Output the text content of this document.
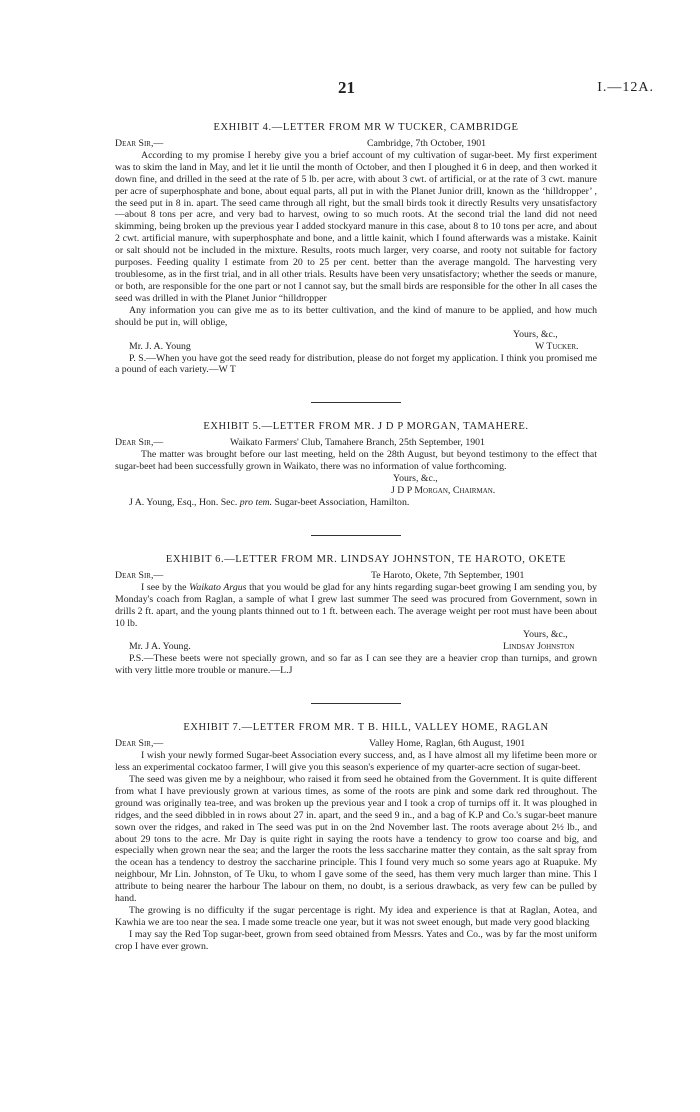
21	I.—12A.
EXHIBIT 4.—LETTER FROM MR W TUCKER, CAMBRIDGE
Dear Sir,—	Cambridge, 7th October, 1901

According to my promise I hereby give you a brief account of my cultivation of sugar-beet. My first experiment was to skim the land in May, and let it lie until the month of October, and then I ploughed it 6 in deep, and then worked it down fine, and drilled in the seed at the rate of 5 lb. per acre, with about 3 cwt. of artificial, or at the rate of 3 cwt. manure per acre of superphosphate and bone, about equal parts, all put in with the Planet Junior drill, known as the ‘hilldropper’ , the seed put in 8 in. apart. The seed came through all right, but the small birds took it directly Results very unsatisfactory—about 8 tons per acre, and very bad to harvest, owing to so much roots. At the second trial the land did not need skimming, being broken up the previous year I added stockyard manure in this case, about 8 to 10 tons per acre, and about 2 cwt. artificial manure, with superphosphate and bone, and a little kainit, which I found afterwards was a mistake. Kainit or salt should not be included in the mixture. Results, roots much larger, very coarse, and rooty not suitable for factory purposes. Feeding quality I estimate from 20 to 25 per cent. better than the average mangold. The harvesting very troublesome, as in the first trial, and in all other trials. Results have been very unsatisfactory; whether the seeds or manure, or both, are responsible for the one part or not I cannot say, but the small birds are responsible for the other In all cases the seed was drilled in with the Planet Junior “hilldropper

Any information you can give me as to its better cultivation, and the kind of manure to be applied, and how much should be put in, will oblige,

Yours, &c.,
Mr. J. A. Young	W Tucker.

P. S.—When you have got the seed ready for distribution, please do not forget my application. I think you promised me a pound of each variety.—W T

EXHIBIT 5.—LETTER FROM MR. J D P MORGAN, TAMAHERE.
Dear Sir,—	Waikato Farmers' Club, Tamahere Branch, 25th September, 1901

The matter was brought before our last meeting, held on the 28th August, but beyond testimony to the effect that sugar-beet had been successfully grown in Waikato, there was no information of value forthcoming.

Yours, &c.,
J D P Morgan, Chairman.

J A. Young, Esq., Hon. Sec. pro tem. Sugar-beet Association, Hamilton.

EXHIBIT 6.—LETTER FROM MR. LINDSAY JOHNSTON, TE HAROTO, OKETE
Dear Sir,—	Te Haroto, Okete, 7th September, 1901

I see by the Waikato Argus that you would be glad for any hints regarding sugar-beet growing I am sending you, by Monday's coach from Raglan, a sample of what I grew last summer The seed was procured from Government, sown in drills 2 ft. apart, and the young plants thinned out to 1 ft. between each. The average weight per root must have been about 10 lb.

Yours, &c.,
Mr. J A. Young.	Lindsay Johnston

P.S.—These beets were not specially grown, and so far as I can see they are a heavier crop than turnips, and grown with very little more trouble or manure.—L.J

EXHIBIT 7.—LETTER FROM MR. T B. HILL, VALLEY HOME, RAGLAN
Dear Sir,—	Valley Home, Raglan, 6th August, 1901

I wish your newly formed Sugar-beet Association every success, and, as I have almost all my lifetime been more or less an experimental cockatoo farmer, I will give you this season's experience of my quarter-acre section of sugar-beet.

The seed was given me by a neighbour, who raised it from seed he obtained from the Government. It is quite different from what I have previously grown at various times, as some of the roots are pink and some dark red throughout. The ground was originally tea-tree, and was broken up the previous year and I took a crop of turnips off it. It was ploughed in ridges, and the seed dibbled in in rows about 27 in. apart, and the seed 9 in., and a bag of K.P and Co.'s sugar-beet manure sown over the ridges, and raked in The seed was put in on the 2nd November last. The roots average about 2½ lb., and about 29 tons to the acre. Mr Day is quite right in saying the roots have a tendency to grow too coarse and big, and especially when grown near the sea; and the larger the roots the less saccharine matter they contain, as the salt spray from the ocean has a tendency to destroy the saccharine principle. This I found very much so some years ago at Ruapuke. My neighbour, Mr Lin. Johnston, of Te Uku, to whom I gave some of the seed, has them very much larger than mine. This I attribute to being nearer the harbour The labour on them, no doubt, is a serious drawback, as very few can be pulled by hand.

The growing is no difficulty if the sugar percentage is right. My idea and experience is that at Raglan, Aotea, and Kawhia we are too near the sea. I made some treacle one year, but it was not sweet enough, but made very good blacking

I may say the Red Top sugar-beet, grown from seed obtained from Messrs. Yates and Co., was by far the most uniform crop I have ever grown.
